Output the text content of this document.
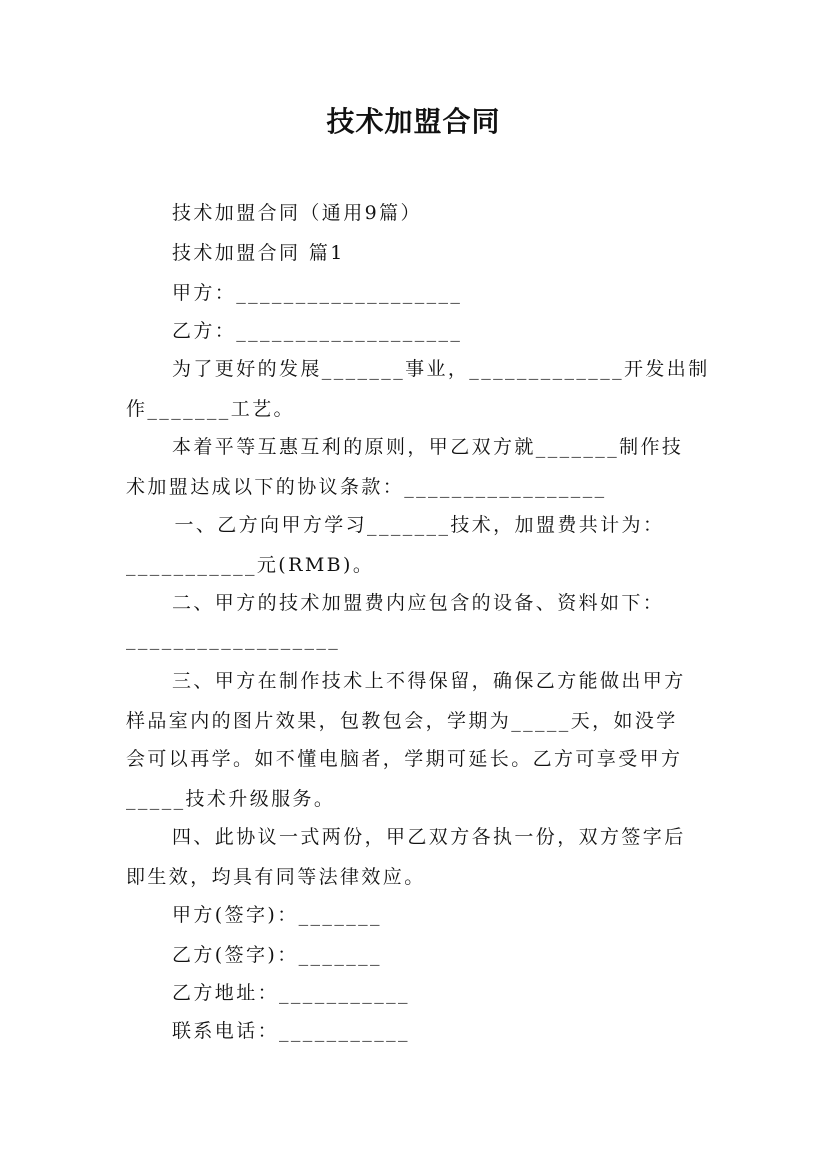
技术加盟合同
技术加盟合同（通用9篇）
技术加盟合同 篇1
甲方：___________________
乙方：___________________
为了更好的发展_______事业，_____________开发出制
作_______工艺。
本着平等互惠互利的原则，甲乙双方就_______制作技
术加盟达成以下的协议条款：_________________
一、乙方向甲方学习_______技术，加盟费共计为：
___________元(RMB)。
二、甲方的技术加盟费内应包含的设备、资料如下：
__________________
三、甲方在制作技术上不得保留，确保乙方能做出甲方
样品室内的图片效果，包教包会，学期为_____天，如没学
会可以再学。如不懂电脑者，学期可延长。乙方可享受甲方
_____技术升级服务。
四、此协议一式两份，甲乙双方各执一份，双方签字后
即生效，均具有同等法律效应。
甲方(签字)：_______
乙方(签字)：_______
乙方地址：___________
联系电话：___________
